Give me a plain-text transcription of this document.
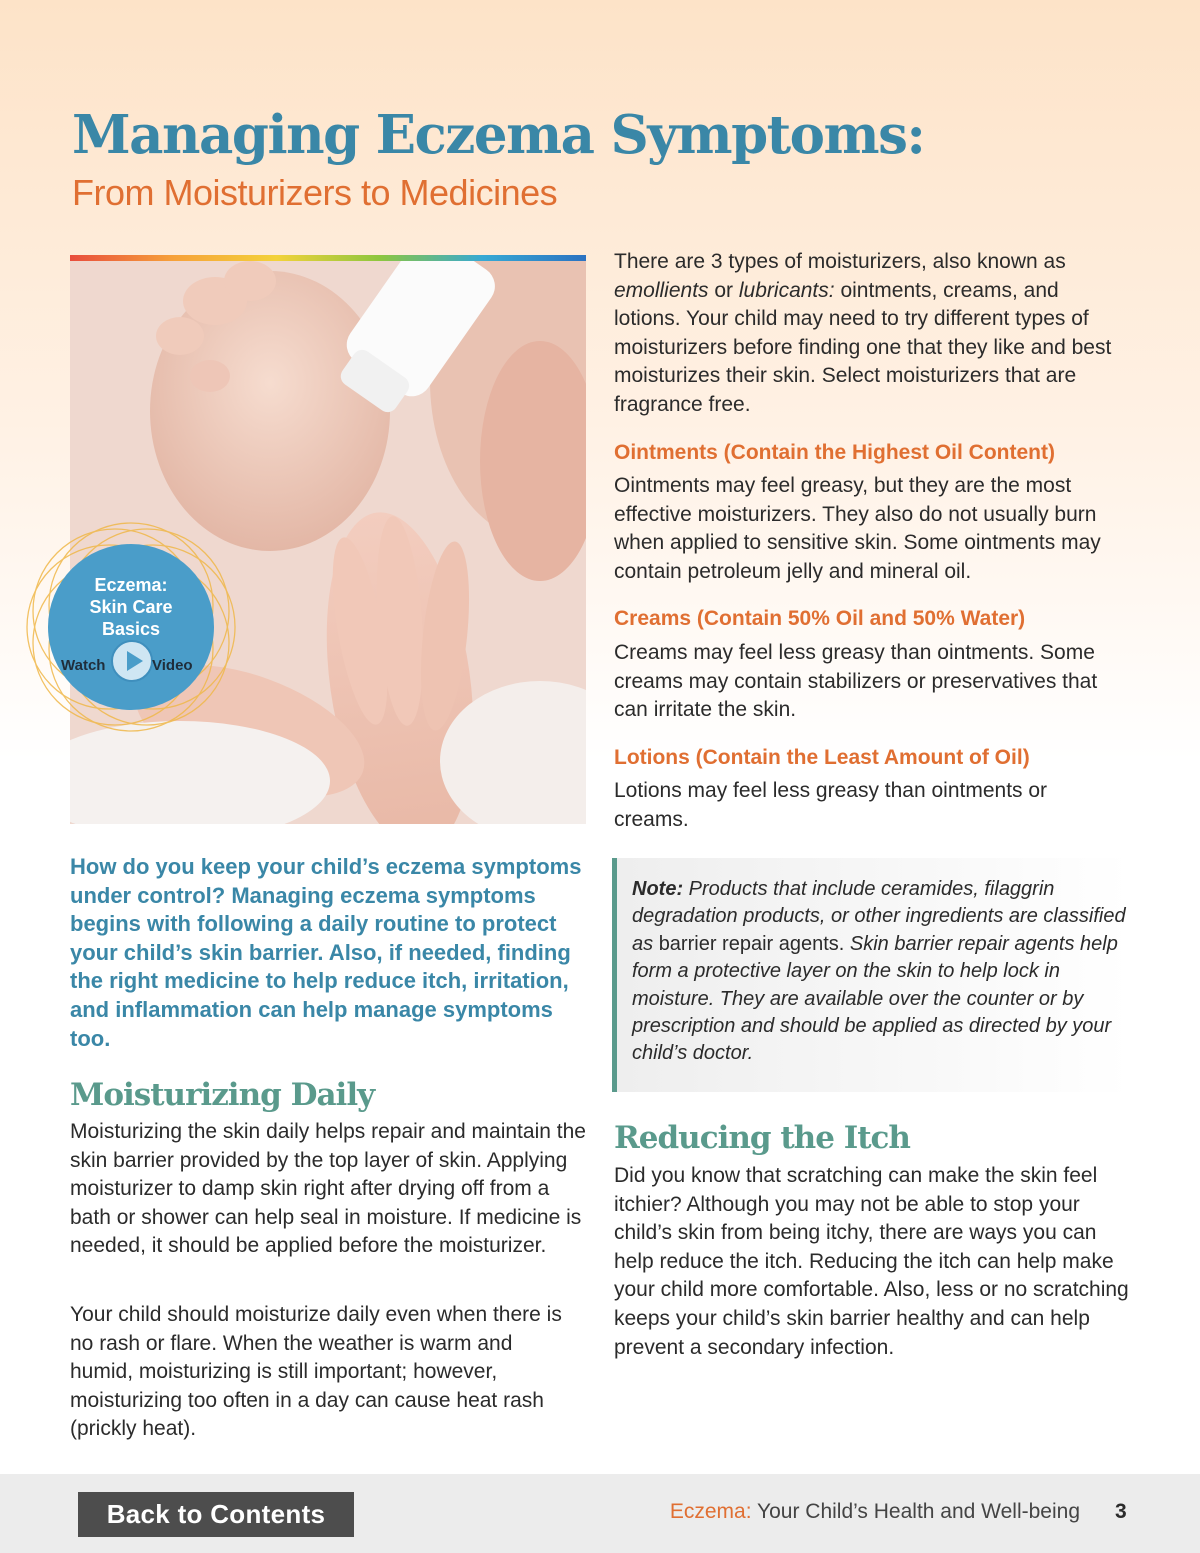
Managing Eczema Symptoms:
From Moisturizers to Medicines

Eczema:
Skin Care
Basics

Watch	Video

How do you keep your child’s eczema symptoms under control? Managing eczema symptoms begins with following a daily routine to protect your child’s skin barrier. Also, if needed, finding the right medicine to help reduce itch, irritation, and inflammation can help manage symptoms too.

Moisturizing Daily

Moisturizing the skin daily helps repair and maintain the skin barrier provided by the top layer of skin. Applying moisturizer to damp skin right after drying off from a bath or shower can help seal in moisture. If medicine is needed, it should be applied before the moisturizer.

Your child should moisturize daily even when there is no rash or flare. When the weather is warm and humid, moisturizing is still important; however, moisturizing too often in a day can cause heat rash (prickly heat).

There are 3 types of moisturizers, also known as emollients or lubricants: ointments, creams, and lotions. Your child may need to try different types of moisturizers before finding one that they like and best moisturizes their skin. Select moisturizers that are fragrance free.

Ointments (Contain the Highest Oil Content)

Ointments may feel greasy, but they are the most effective moisturizers. They also do not usually burn when applied to sensitive skin. Some ointments may contain petroleum jelly and mineral oil.

Creams (Contain 50% Oil and 50% Water)

Creams may feel less greasy than ointments. Some creams may contain stabilizers or preservatives that can irritate the skin.

Lotions (Contain the Least Amount of Oil)

Lotions may feel less greasy than ointments or creams.

Note: Products that include ceramides, filaggrin degradation products, or other ingredients are classified as barrier repair agents. Skin barrier repair agents help form a protective layer on the skin to help lock in moisture. They are available over the counter or by prescription and should be applied as directed by your child’s doctor.

Reducing the Itch

Did you know that scratching can make the skin feel itchier? Although you may not be able to stop your child’s skin from being itchy, there are ways you can help reduce the itch. Reducing the itch can help make your child more comfortable. Also, less or no scratching keeps your child’s skin barrier healthy and can help prevent a secondary infection.

Back to Contents	Eczema: Your Child’s Health and Well-being 3
